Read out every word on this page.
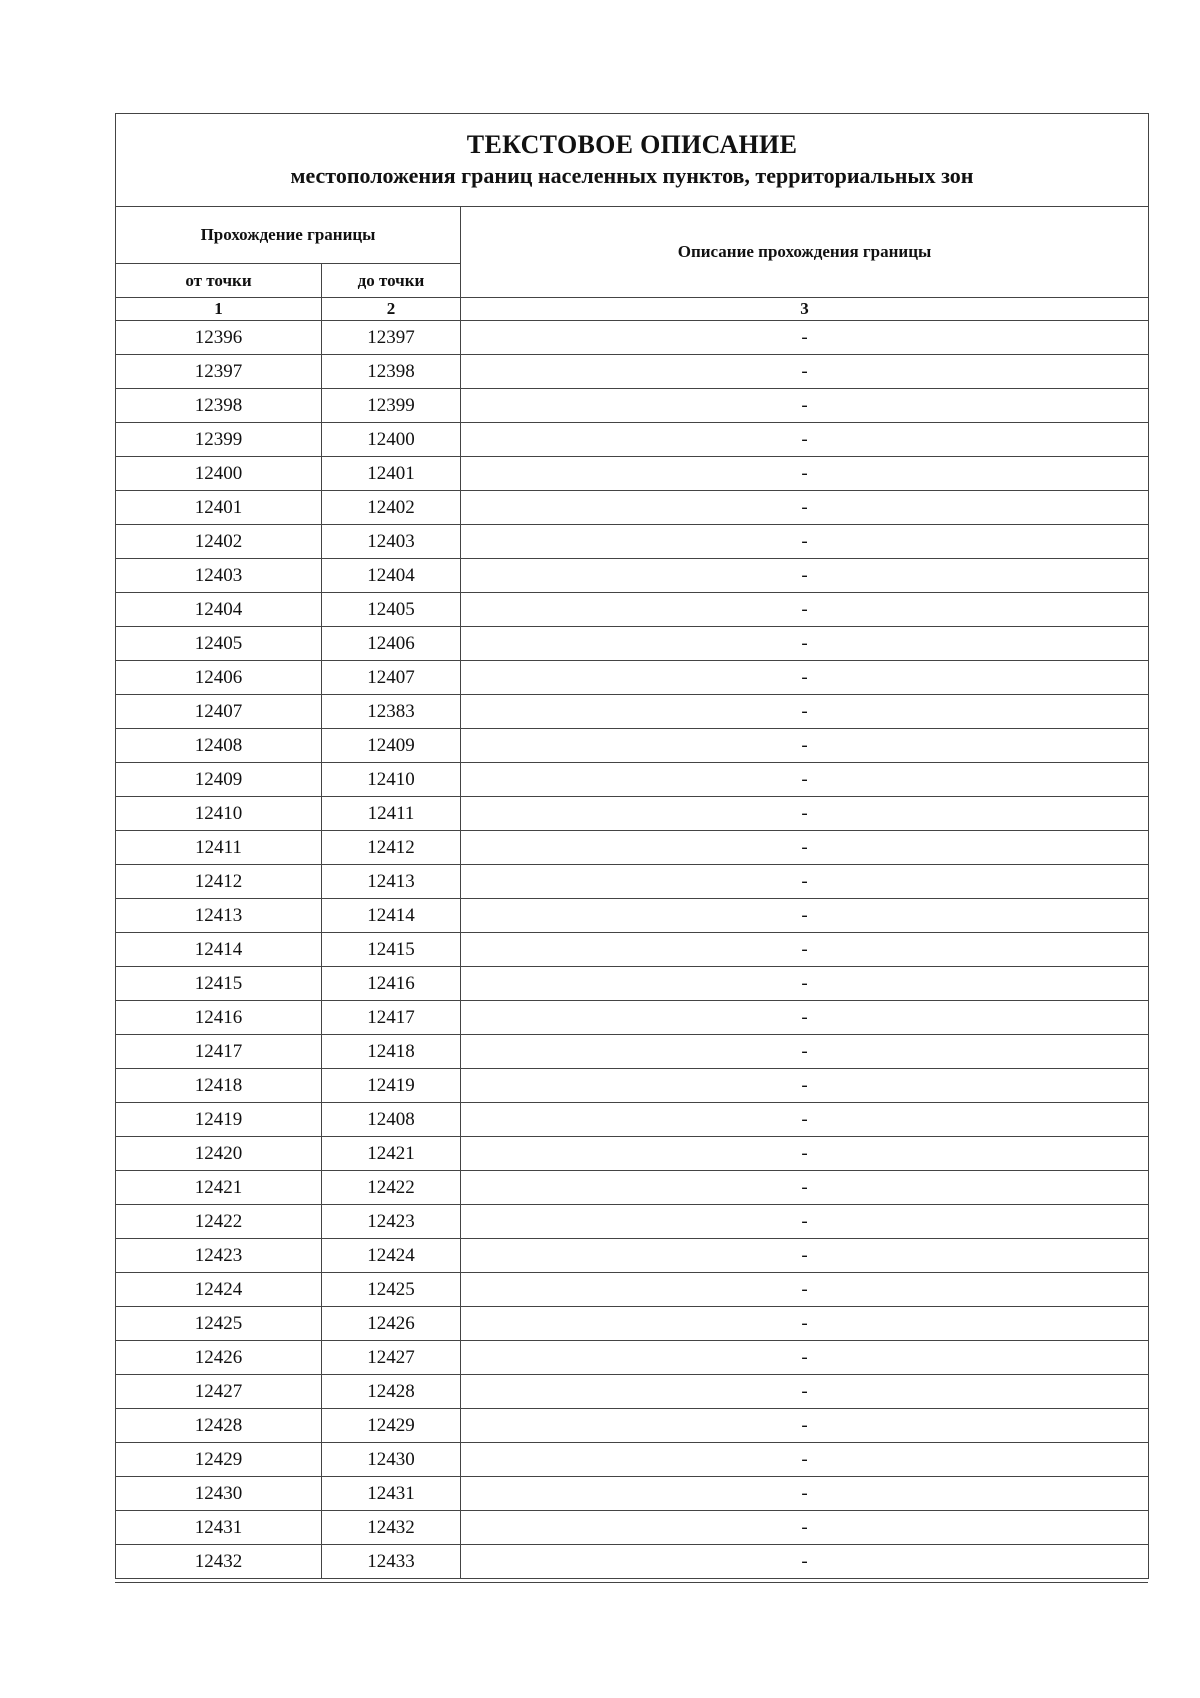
ТЕКСТОВОЕ ОПИСАНИЕ
местоположения границ населенных пунктов, территориальных зон		

Прохождение границы		Описание прохождения границы
от точки	до точки	
1	2	3
12396	12397	-
12397	12398	-
12398	12399	-
12399	12400	-
12400	12401	-
12401	12402	-
12402	12403	-
12403	12404	-
12404	12405	-
12405	12406	-
12406	12407	-
12407	12383	-
12408	12409	-
12409	12410	-
12410	12411	-
12411	12412	-
12412	12413	-
12413	12414	-
12414	12415	-
12415	12416	-
12416	12417	-
12417	12418	-
12418	12419	-
12419	12408	-
12420	12421	-
12421	12422	-
12422	12423	-
12423	12424	-
12424	12425	-
12425	12426	-
12426	12427	-
12427	12428	-
12428	12429	-
12429	12430	-
12430	12431	-
12431	12432	-
12432	12433	-
